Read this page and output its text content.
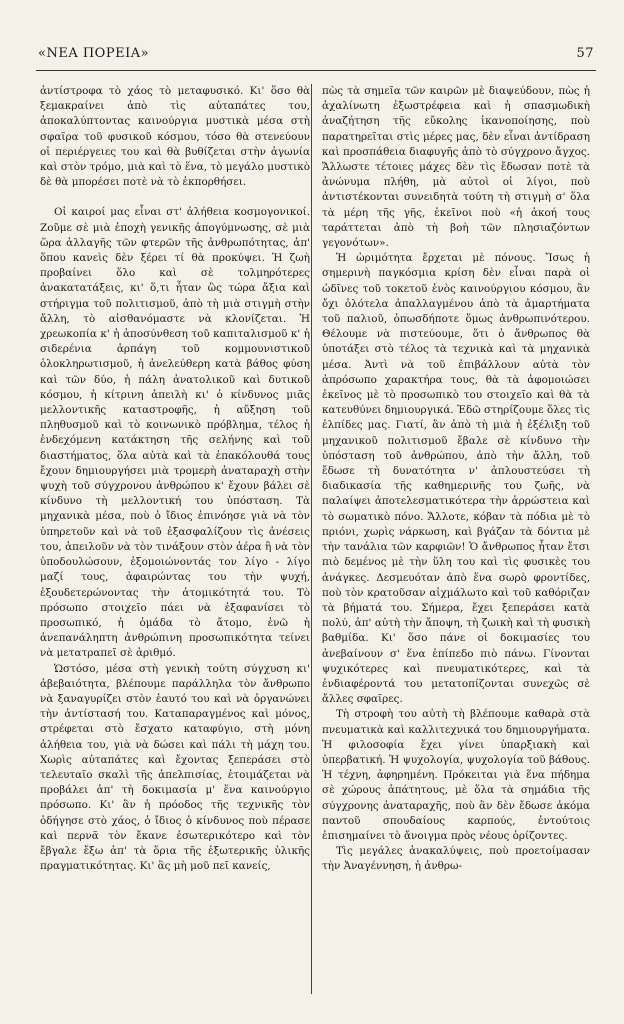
«ΝΕΑ ΠΟΡΕΙΑ»	57

ἀντίστροφα τὸ χάος τὸ μεταφυσικό. Κι' ὅσο θὰ ξεμακραίνει ἀπὸ τὶς αὐταπάτες του, ἀποκαλύπτοντας καινούργια μυστικὰ μέσα στὴ σφαῖρα τοῦ φυσικοῦ κόσμου, τόσο θὰ στενεύουν οἱ περιέργειες του καὶ θὰ βυθίζεται στὴν ἀγωνία καὶ στὸν τρόμο, μιὰ καὶ τὸ ἕνα, τὸ μεγάλο μυστικὸ δὲ θὰ μπορέσει ποτὲ νὰ τὸ ἐκπορθήσει.

Οἱ καιροί μας εἶναι στ' ἀλήθεια κοσμογονικοί. Ζοῦμε σὲ μιὰ ἐποχὴ γενικῆς ἀπογύμνωσης, σὲ μιὰ ὥρα ἀλλαγῆς τῶν φτερῶν τῆς ἀνθρωπότητας, ἀπ' ὅπου κανεὶς δὲν ξέρει τί θὰ προκύψει. Ἡ ζωὴ προβαίνει ὅλο καὶ σὲ τολμηρότερες ἀνακατατάξεις, κι' ὅ,τι ἦταν ὣς τώρα ἄξια καὶ στήριγμα τοῦ πολιτισμοῦ, ἀπὸ τὴ μιὰ στιγμὴ στὴν ἄλλη, τὸ αἰσθανόμαστε νὰ κλονίζεται. Ἡ χρεωκοπία κ' ἡ ἀποσύνθεση τοῦ καπιταλισμοῦ κ' ἡ σιδερένια ἁρπάγη τοῦ κομμουνιστικοῦ ὁλοκληρωτισμοῦ, ἡ ἀνελεύθερη κατὰ βάθος φύση καὶ τῶν δύο, ἡ πάλη ἀνατολικοῦ καὶ δυτικοῦ κόσμου, ἡ κίτρινη ἀπειλὴ κι' ὁ κίνδυνος μιᾶς μελλοντικῆς καταστροφῆς, ἡ αὔξηση τοῦ πληθυσμοῦ καὶ τὸ κοινωνικὸ πρόβλημα, τέλος ἡ ἐνδεχόμενη κατάκτηση τῆς σελήνης καὶ τοῦ διαστήματος, ὅλα αὐτὰ καὶ τὰ ἐπακόλουθά τους ἔχουν δημιουργήσει μιὰ τρομερὴ ἀναταραχὴ στὴν ψυχὴ τοῦ σύγχρονου ἀνθρώπου κ' ἔχουν βάλει σὲ κίνδυνο τὴ μελλοντική του ὑπόσταση. Τὰ μηχανικὰ μέσα, ποὺ ὁ ἴδιος ἐπινόησε γιὰ νὰ τὸν ὑπηρετοῦν καὶ νὰ τοῦ ἐξασφαλίζουν τὶς ἀνέσεις του, ἀπειλοῦν νὰ τὸν τινάξουν στὸν ἀέρα ἢ νὰ τὸν ὑποδουλώσουν, ἐξομοιώνοντάς τον λίγο - λίγο μαζί τους, ἀφαιρώντας του τὴν ψυχή, ἐξουδετερώνοντας τὴν ἀτομικότητά του. Τὸ πρόσωπο στοιχεῖο πάει νὰ ἐξαφανίσει τὸ προσωπικό, ἡ ὁμάδα τὸ ἄτομο, ἐνῶ ἡ ἀνεπανάληπτη ἀνθρώπινη προσωπικότητα τείνει νὰ μετατραπεῖ σὲ ἀριθμό.

Ὡστόσο, μέσα στὴ γενικὴ τούτη σύγχυση κι' ἀβεβαιότητα, βλέπουμε παράλληλα τὸν ἄνθρωπο νὰ ξαναγυρίζει στὸν ἑαυτό του καὶ νὰ ὀργανώνει τὴν ἀντίστασή του. Καταπαραγμένος καὶ μόνος, στρέφεται στὸ ἔσχατο καταφύγιο, στὴ μόνη ἀλήθεια του, γιὰ νὰ δώσει καὶ πάλι τὴ μάχη του. Χωρὶς αὐταπάτες καὶ ἔχοντας ξεπεράσει στὸ τελευταῖο σκαλὶ τῆς ἀπελπισίας, ἑτοιμάζεται νὰ προβάλει ἀπ' τὴ δοκιμασία μ' ἕνα καινούργιο πρόσωπο. Κι' ἂν ἡ πρόοδος τῆς τεχνικῆς τὸν ὁδήγησε στὸ χάος, ὁ ἴδιος ὁ κίνδυνος ποὺ πέρασε καὶ περνᾶ τὸν ἔκανε ἐσωτερικότερο καὶ τὸν ἔβγαλε ἔξω ἀπ' τὰ ὅρια τῆς ἐξωτερικῆς ὑλικῆς πραγματικότητας. Κι' ἂς μὴ μοῦ πεῖ κανείς,

πὼς τὰ σημεῖα τῶν καιρῶν μὲ διαψεύδουν, πὼς ἡ ἀχαλίνωτη ἐξωστρέφεια καὶ ἡ σπασμωδικὴ ἀναζήτηση τῆς εὔκολης ἱκανοποίησης, ποὺ παρατηρεῖται στὶς μέρες μας, δὲν εἶναι ἀντίδραση καὶ προσπάθεια διαφυγῆς ἀπὸ τὸ σύγχρονο ἄγχος. Ἄλλωστε τέτοιες μάχες δὲν τὶς ἔδωσαν ποτὲ τὰ ἀνώνυμα πλήθη, μὰ αὐτοὶ οἱ λίγοι, ποὺ ἀντιστέκονται συνειδητὰ τούτη τὴ στιγμὴ σ' ὅλα τὰ μέρη τῆς γῆς, ἐκεῖνοι ποὺ «ἡ ἀκοή τους ταράττεται ἀπὸ τὴ βοὴ τῶν πλησιαζόντων γεγονότων».

Ἡ ὡριμότητα ἔρχεται μὲ πόνους. Ἴσως ἡ σημερινὴ παγκόσμια κρίση δὲν εἶναι παρὰ οἱ ὠδῖνες τοῦ τοκετοῦ ἑνὸς καινούργιου κόσμου, ἂν ὄχι ὁλότελα ἀπαλλαγμένου ἀπὸ τὰ ἁμαρτήματα τοῦ παλιοῦ, ὁπωσδήποτε ὅμως ἀνθρωπινότερου. Θέλουμε νὰ πιστεύουμε, ὅτι ὁ ἄνθρωπος θὰ ὑποτάξει στὸ τέλος τὰ τεχνικὰ καὶ τὰ μηχανικὰ μέσα. Ἀντὶ νὰ τοῦ ἐπιβάλλουν αὐτὰ τὸν ἀπρόσωπο χαρακτήρα τους, θὰ τὰ ἀφομοιώσει ἐκεῖνος μὲ τὸ προσωπικὸ του στοιχεῖο καὶ θὰ τὰ κατευθύνει δημιουργικά. Ἐδῶ στηρίζουμε ὅλες τὶς ἐλπίδες μας. Γιατί, ἂν ἀπὸ τὴ μιὰ ἡ ἐξέλιξη τοῦ μηχανικοῦ πολιτισμοῦ ἔβαλε σὲ κίνδυνο τὴν ὑπόσταση τοῦ ἀνθρώπου, ἀπὸ τὴν ἄλλη, τοῦ ἔδωσε τὴ δυνατότητα ν' ἁπλουστεύσει τὴ διαδικασία τῆς καθημερινῆς του ζωῆς, νὰ παλαίψει ἀποτελεσματικότερα τὴν ἀρρώστεια καὶ τὸ σωματικὸ πόνο. Ἄλλοτε, κόβαν τὰ πόδια μὲ τὸ πριόνι, χωρὶς νάρκωση, καὶ βγάζαν τὰ δόντια μὲ τὴν τανάλια τῶν καρφιῶν! Ὁ ἄνθρωπος ἦταν ἔτσι πιὸ δεμένος μὲ τὴν ὕλη του καὶ τὶς φυσικὲς του ἀνάγκες. Δεσμευόταν ἀπὸ ἕνα σωρὸ φροντίδες, ποὺ τὸν κρατοῦσαν αἰχμάλωτο καὶ τοῦ καθόριζαν τὰ βήματά του. Σήμερα, ἔχει ξεπεράσει κατὰ πολύ, ἀπ' αὐτὴ τὴν ἄποψη, τὴ ζωικὴ καὶ τὴ φυσικὴ βαθμίδα. Κι' ὅσο πάνε οἱ δοκιμασίες του ἀνεβαίνουν σ' ἕνα ἐπίπεδο πιὸ πάνω. Γίνονται ψυχικότερες καὶ πνευματικότερες, καὶ τὰ ἐνδιαφέροντά του μετατοπίζονται συνεχῶς σὲ ἄλλες σφαῖρες.

Τὴ στροφὴ του αὐτὴ τὴ βλέπουμε καθαρὰ στὰ πνευματικὰ καὶ καλλιτεχνικά του δημιουργήματα. Ἡ φιλοσοφία ἔχει γίνει ὑπαρξιακὴ καὶ ὑπερβατική. Ἡ ψυχολογία, ψυχολογία τοῦ βάθους. Ἡ τέχνη, ἀφηρημένη. Πρόκειται γιὰ ἕνα πήδημα σὲ χώρους ἀπάτητους, μὲ ὅλα τὰ σημάδια τῆς σύγχρονης ἀναταραχῆς, ποὺ ἂν δὲν ἔδωσε ἀκόμα παντοῦ σπουδαίους καρπούς, ἐντούτοις ἐπισημαίνει τὸ ἄνοιγμα πρὸς νέους ὁρίζοντες.

Τὶς μεγάλες ἀνακαλύψεις, ποὺ προετοίμασαν τὴν Ἀναγέννηση, ἡ ἀνθρω-
